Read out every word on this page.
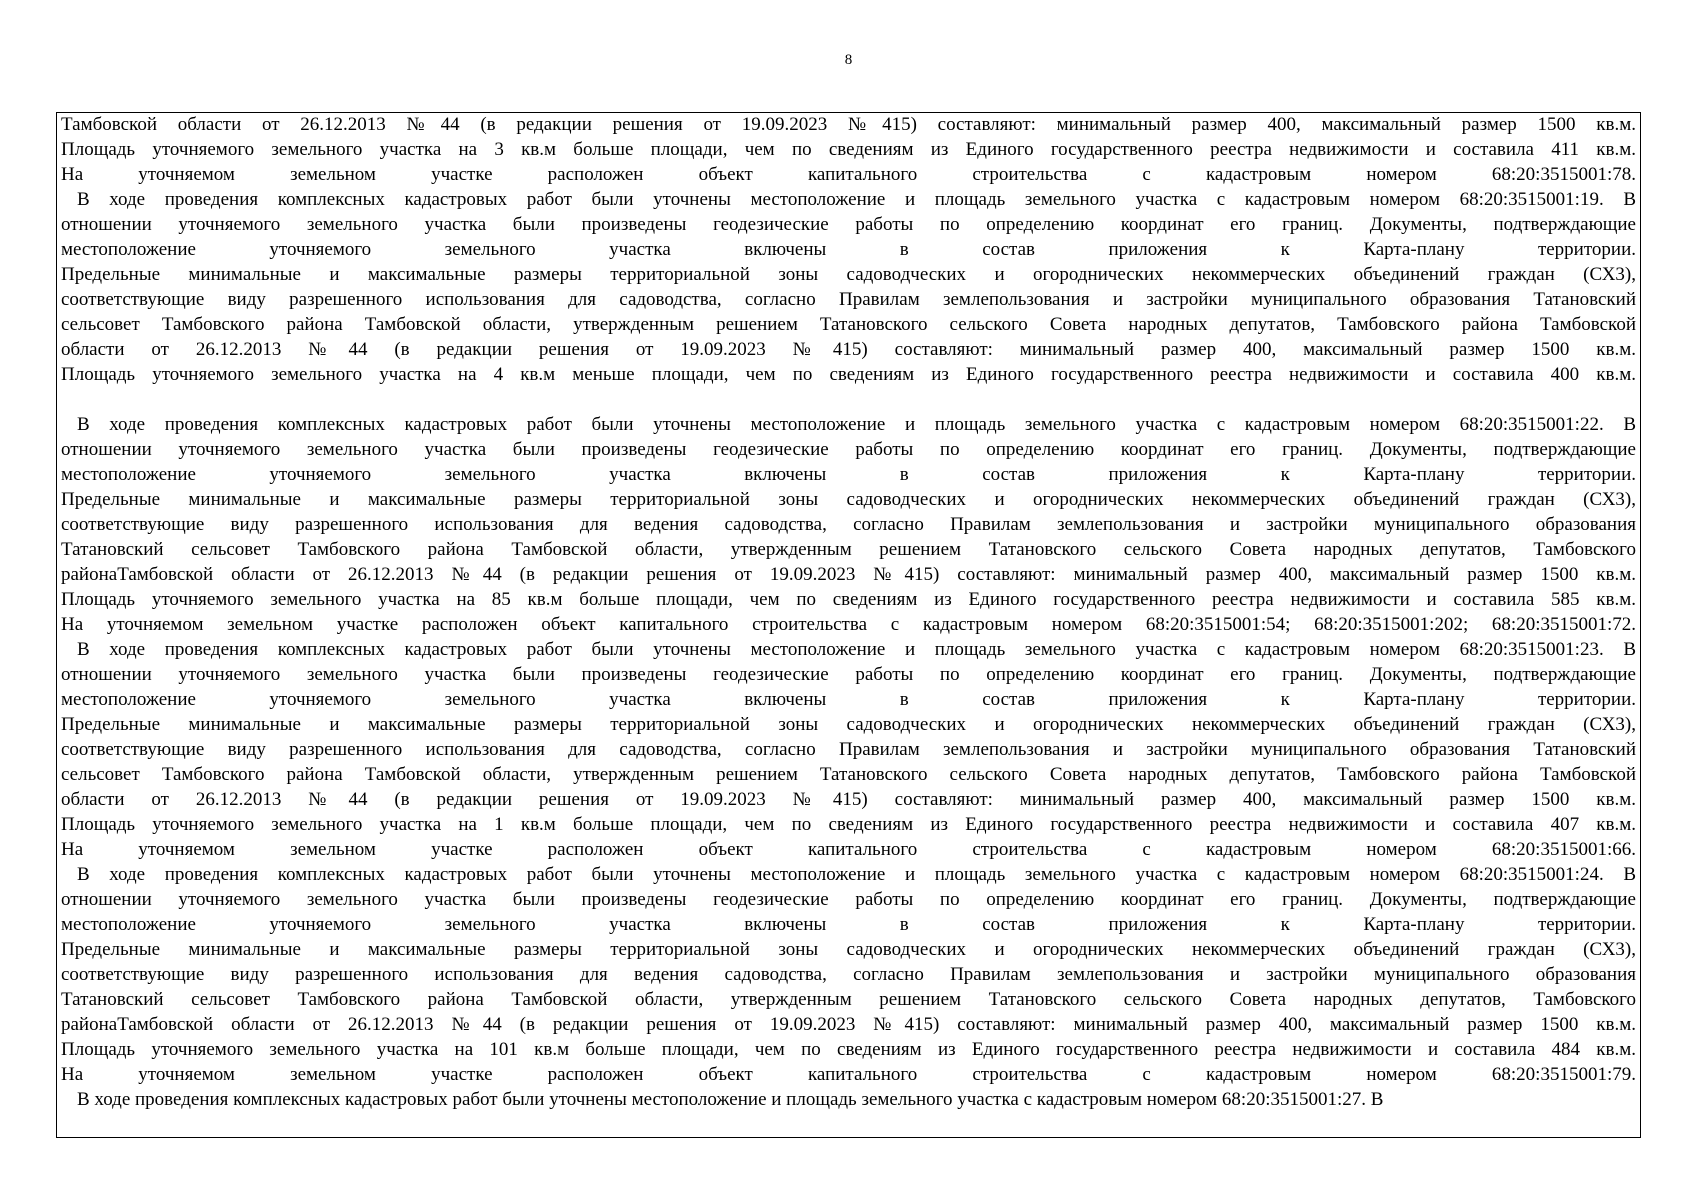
8
Тамбовской области от 26.12.2013 №44 (в редакции решения от 19.09.2023 №415) составляют: минимальный размер 400, максимальный размер 1500 кв.м.
Площадь уточняемого земельного участка на 3 кв.м больше площади, чем по сведениям из Единого государственного реестра недвижимости и составила 411 кв.м.
На уточняемом земельном участке расположен объект капитального строительства с кадастровым номером 68:20:3515001:78.
В ходе проведения комплексных кадастровых работ были уточнены местоположение и площадь земельного участка с кадастровым номером 68:20:3515001:19. В
отношении уточняемого земельного участка были произведены геодезические работы по определению координат его границ. Документы, подтверждающие
местоположение уточняемого земельного участка включены в состав приложения к Карта-плану территории.
Предельные минимальные и максимальные размеры территориальной зоны садоводческих и огороднических некоммерческих объединений граждан (СХ3),
соответствующие виду разрешенного использования для садоводства, согласно Правилам землепользования и застройки муниципального образования Татановский
сельсовет Тамбовского района Тамбовской области, утвержденным решением Татановского сельского Совета народных депутатов, Тамбовского района Тамбовской
области от 26.12.2013 №44 (в редакции решения от 19.09.2023 №415) составляют: минимальный размер 400, максимальный размер 1500 кв.м.
Площадь уточняемого земельного участка на 4 кв.м меньше площади, чем по сведениям из Единого государственного реестра недвижимости и составила 400 кв.м.
В ходе проведения комплексных кадастровых работ были уточнены местоположение и площадь земельного участка с кадастровым номером 68:20:3515001:22. В
отношении уточняемого земельного участка были произведены геодезические работы по определению координат его границ. Документы, подтверждающие
местоположение уточняемого земельного участка включены в состав приложения к Карта-плану территории.
Предельные минимальные и максимальные размеры территориальной зоны садоводческих и огороднических некоммерческих объединений граждан (СХ3),
соответствующие виду разрешенного использования для ведения садоводства, согласно Правилам землепользования и застройки муниципального образования
Татановский сельсовет Тамбовского района Тамбовской области, утвержденным решением Татановского сельского Совета народных депутатов, Тамбовского
районаТамбовской области от 26.12.2013 №44 (в редакции решения от 19.09.2023 №415) составляют: минимальный размер 400, максимальный размер 1500 кв.м.
Площадь уточняемого земельного участка на 85 кв.м больше площади, чем по сведениям из Единого государственного реестра недвижимости и составила 585 кв.м.
На уточняемом земельном участке расположен объект капитального строительства с кадастровым номером 68:20:3515001:54; 68:20:3515001:202; 68:20:3515001:72.
В ходе проведения комплексных кадастровых работ были уточнены местоположение и площадь земельного участка с кадастровым номером 68:20:3515001:23. В
отношении уточняемого земельного участка были произведены геодезические работы по определению координат его границ. Документы, подтверждающие
местоположение уточняемого земельного участка включены в состав приложения к Карта-плану территории.
Предельные минимальные и максимальные размеры территориальной зоны садоводческих и огороднических некоммерческих объединений граждан (СХ3),
соответствующие виду разрешенного использования для садоводства, согласно Правилам землепользования и застройки муниципального образования Татановский
сельсовет Тамбовского района Тамбовской области, утвержденным решением Татановского сельского Совета народных депутатов, Тамбовского района Тамбовской
области от 26.12.2013 №44 (в редакции решения от 19.09.2023 №415) составляют: минимальный размер 400, максимальный размер 1500 кв.м.
Площадь уточняемого земельного участка на 1 кв.м больше площади, чем по сведениям из Единого государственного реестра недвижимости и составила 407 кв.м.
На уточняемом земельном участке расположен объект капитального строительства с кадастровым номером 68:20:3515001:66.
В ходе проведения комплексных кадастровых работ были уточнены местоположение и площадь земельного участка с кадастровым номером 68:20:3515001:24. В
отношении уточняемого земельного участка были произведены геодезические работы по определению координат его границ. Документы, подтверждающие
местоположение уточняемого земельного участка включены в состав приложения к Карта-плану территории.
Предельные минимальные и максимальные размеры территориальной зоны садоводческих и огороднических некоммерческих объединений граждан (СХ3),
соответствующие виду разрешенного использования для ведения садоводства, согласно Правилам землепользования и застройки муниципального образования
Татановский сельсовет Тамбовского района Тамбовской области, утвержденным решением Татановского сельского Совета народных депутатов, Тамбовского
районаТамбовской области от 26.12.2013 №44 (в редакции решения от 19.09.2023 №415) составляют: минимальный размер 400, максимальный размер 1500 кв.м.
Площадь уточняемого земельного участка на 101 кв.м больше площади, чем по сведениям из Единого государственного реестра недвижимости и составила 484 кв.м.
На уточняемом земельном участке расположен объект капитального строительства с кадастровым номером 68:20:3515001:79.
В ходе проведения комплексных кадастровых работ были уточнены местоположение и площадь земельного участка с кадастровым номером 68:20:3515001:27. В
